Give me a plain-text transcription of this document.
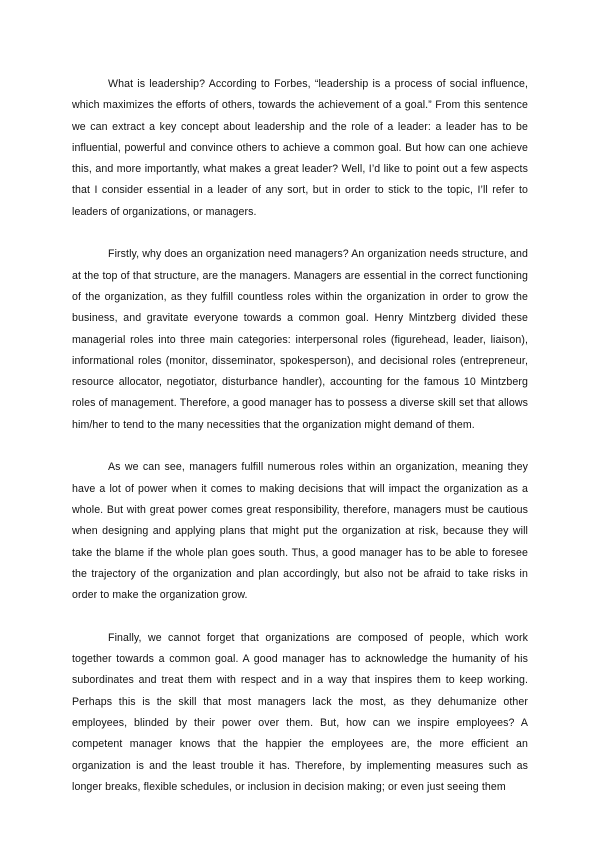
What is leadership? According to Forbes, “leadership is a process of social influence, which maximizes the efforts of others, towards the achievement of a goal.” From this sentence we can extract a key concept about leadership and the role of a leader: a leader has to be influential, powerful and convince others to achieve a common goal. But how can one achieve this, and more importantly, what makes a great leader? Well, I’d like to point out a few aspects that I consider essential in a leader of any sort, but in order to stick to the topic, I’ll refer to leaders of organizations, or managers.

Firstly, why does an organization need managers? An organization needs structure, and at the top of that structure, are the managers. Managers are essential in the correct functioning of the organization, as they fulfill countless roles within the organization in order to grow the business, and gravitate everyone towards a common goal. Henry Mintzberg divided these managerial roles into three main categories: interpersonal roles (figurehead, leader, liaison), informational roles (monitor, disseminator, spokesperson), and decisional roles (entrepreneur, resource allocator, negotiator, disturbance handler), accounting for the famous 10 Mintzberg roles of management. Therefore, a good manager has to possess a diverse skill set that allows him/her to tend to the many necessities that the organization might demand of them.

As we can see, managers fulfill numerous roles within an organization, meaning they have a lot of power when it comes to making decisions that will impact the organization as a whole. But with great power comes great responsibility, therefore, managers must be cautious when designing and applying plans that might put the organization at risk, because they will take the blame if the whole plan goes south. Thus, a good manager has to be able to foresee the trajectory of the organization and plan accordingly, but also not be afraid to take risks in order to make the organization grow.

Finally, we cannot forget that organizations are composed of people, which work together towards a common goal. A good manager has to acknowledge the humanity of his subordinates and treat them with respect and in a way that inspires them to keep working. Perhaps this is the skill that most managers lack the most, as they dehumanize other employees, blinded by their power over them. But, how can we inspire employees? A competent manager knows that the happier the employees are, the more efficient an organization is and the least trouble it has. Therefore, by implementing measures such as longer breaks, flexible schedules, or inclusion in decision making; or even just seeing them
